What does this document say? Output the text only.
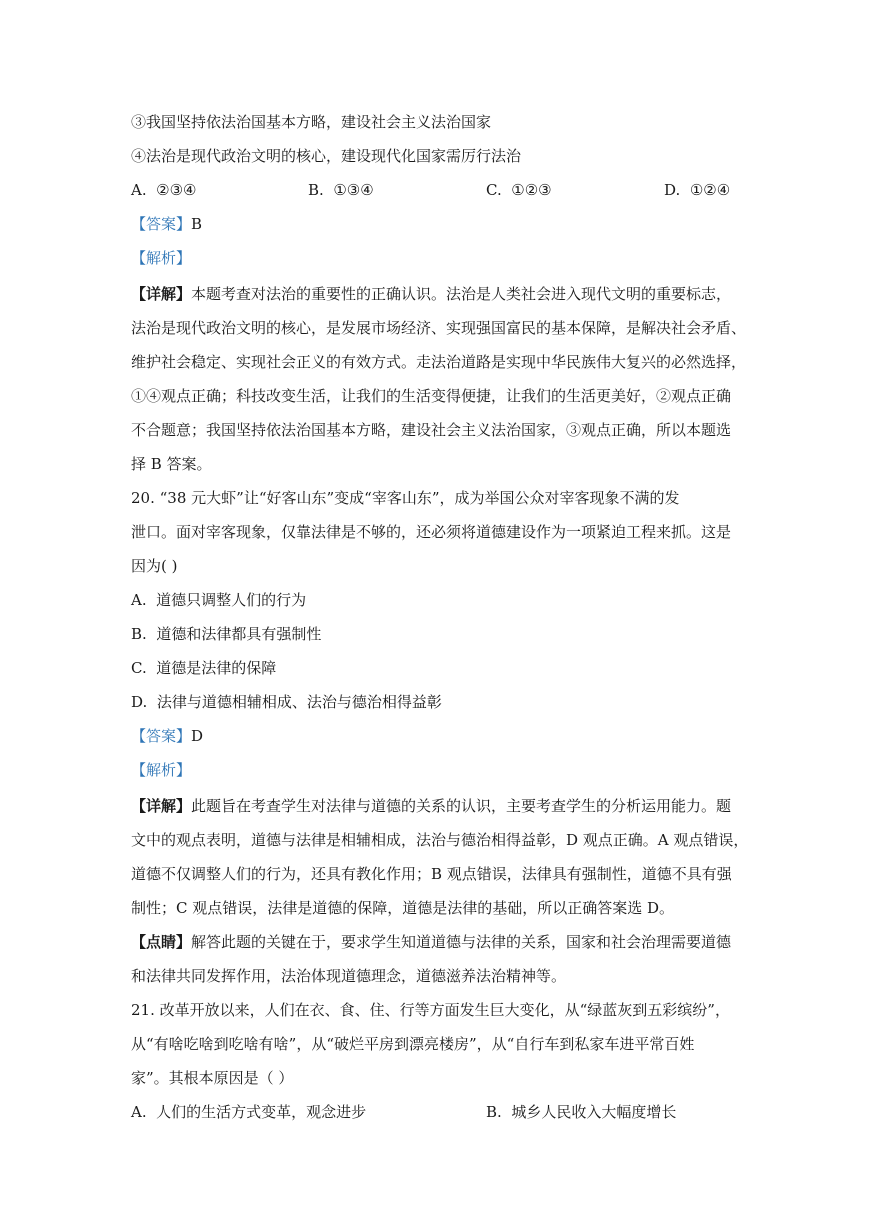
③我国坚持依法治国基本方略，建设社会主义法治国家
④法治是现代政治文明的核心，建设现代化国家需厉行法治
A. ②③④	B. ①③④	C. ①②③	D. ①②④
【答案】B
【解析】
【详解】本题考查对法治的重要性的正确认识。法治是人类社会进入现代文明的重要标志，
法治是现代政治文明的核心，是发展市场经济、实现强国富民的基本保障，是解决社会矛盾、
维护社会稳定、实现社会正义的有效方式。走法治道路是实现中华民族伟大复兴的必然选择，
①④观点正确；科技改变生活，让我们的生活变得便捷，让我们的生活更美好，②观点正确
不合题意；我国坚持依法治国基本方略，建设社会主义法治国家，③观点正确，所以本题选
择 B 答案。
20. “38 元大虾”让“好客山东”变成“宰客山东”，成为举国公众对宰客现象不满的发
泄口。面对宰客现象，仅靠法律是不够的，还必须将道德建设作为一项紧迫工程来抓。这是
因为( )
A. 道德只调整人们的行为
B. 道德和法律都具有强制性
C. 道德是法律的保障
D. 法律与道德相辅相成、法治与德治相得益彰
【答案】D
【解析】
【详解】此题旨在考查学生对法律与道德的关系的认识，主要考查学生的分析运用能力。题
文中的观点表明，道德与法律是相辅相成，法治与德治相得益彰，D 观点正确。A 观点错误，
道德不仅调整人们的行为，还具有教化作用；B 观点错误，法律具有强制性，道德不具有强
制性；C 观点错误，法律是道德的保障，道德是法律的基础，所以正确答案选 D。
【点睛】解答此题的关键在于，要求学生知道道德与法律的关系，国家和社会治理需要道德
和法律共同发挥作用，法治体现道德理念，道德滋养法治精神等。
21. 改革开放以来，人们在衣、食、住、行等方面发生巨大变化，从“绿蓝灰到五彩缤纷”，
从“有啥吃啥到吃啥有啥”，从“破烂平房到漂亮楼房”，从“自行车到私家车进平常百姓
家”。其根本原因是（ ）
A. 人们的生活方式变革，观念进步	B. 城乡人民收入大幅度增长
